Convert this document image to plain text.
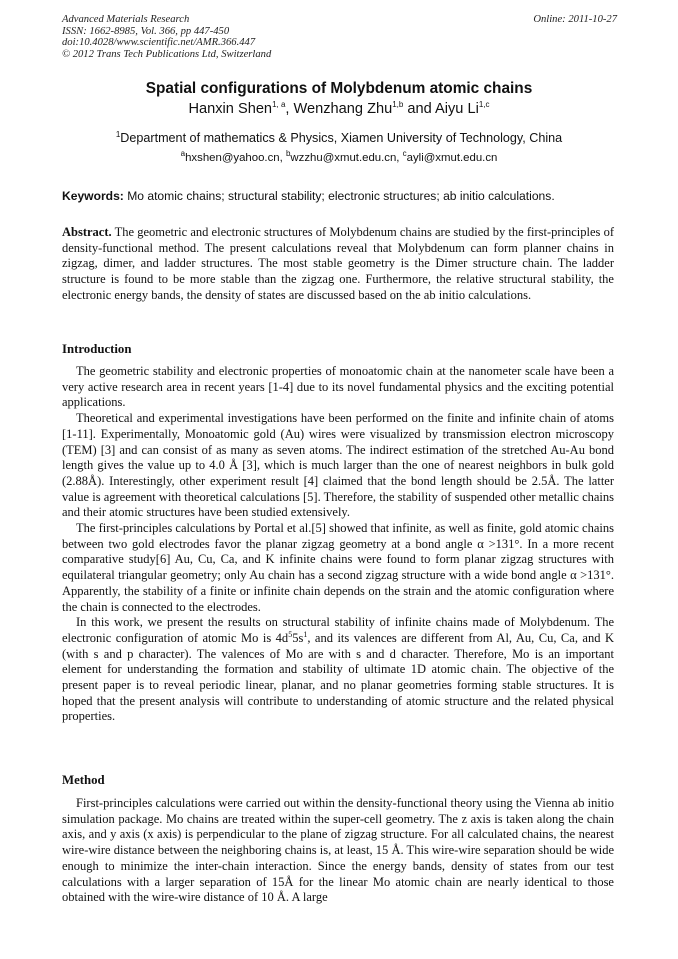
Advanced Materials Research
ISSN: 1662-8985, Vol. 366, pp 447-450
doi:10.4028/www.scientific.net/AMR.366.447
© 2012 Trans Tech Publications Ltd, Switzerland
Online: 2011-10-27
Spatial configurations of Molybdenum atomic chains
Hanxin Shen$^{1, a}$, Wenzhang Zhu$^{1,b}$ and Aiyu Li$^{1,c}$
$^1$Department of mathematics & Physics, Xiamen University of Technology, China
$^a$hxshen@yahoo.cn, $^b$wzzhu@xmut.edu.cn, $^c$ayli@xmut.edu.cn
Keywords: Mo atomic chains; structural stability; electronic structures; ab initio calculations.

Abstract. The geometric and electronic structures of Molybdenum chains are studied by the first-principles of density-functional method. The present calculations reveal that Molybdenum can form planner chains in zigzag, dimer, and ladder structures. The most stable geometry is the Dimer structure chain. The ladder structure is found to be more stable than the zigzag one. Furthermore, the relative structural stability, the electronic energy bands, the density of states are discussed based on the ab initio calculations.

Introduction

The geometric stability and electronic properties of monoatomic chain at the nanometer scale have been a very active research area in recent years [1-4] due to its novel fundamental physics and the exciting potential applications.

Theoretical and experimental investigations have been performed on the finite and infinite chain of atoms [1-11]. Experimentally, Monoatomic gold (Au) wires were visualized by transmission electron microscopy (TEM) [3] and can consist of as many as seven atoms. The indirect estimation of the stretched Au-Au bond length gives the value up to 4.0 Å [3], which is much larger than the one of nearest neighbors in bulk gold (2.88Å). Interestingly, other experiment result [4] claimed that the bond length should be 2.5Å. The latter value is agreement with theoretical calculations [5]. Therefore, the stability of suspended other metallic chains and their atomic structures have been studied extensively.

The first-principles calculations by Portal et al.[5] showed that infinite, as well as finite, gold atomic chains between two gold electrodes favor the planar zigzag geometry at a bond angle α >131°. In a more recent comparative study[6] Au, Cu, Ca, and K infinite chains were found to form planar zigzag structures with equilateral triangular geometry; only Au chain has a second zigzag structure with a wide bond angle α >131°. Apparently, the stability of a finite or infinite chain depends on the strain and the atomic configuration where the chain is connected to the electrodes.

In this work, we present the results on structural stability of infinite chains made of Molybdenum. The electronic configuration of atomic Mo is $4d^55s^1$, and its valences are different from Al, Au, Cu, Ca, and K (with s and p character). The valences of Mo are with s and d character. Therefore, Mo is an important element for understanding the formation and stability of ultimate 1D atomic chain. The objective of the present paper is to reveal periodic linear, planar, and no planar geometries forming stable structures. It is hoped that the present analysis will contribute to understanding of atomic structure and the related physical properties.

Method

First-principles calculations were carried out within the density-functional theory using the Vienna ab initio simulation package. Mo chains are treated within the super-cell geometry. The z axis is taken along the chain axis, and y axis (x axis) is perpendicular to the plane of zigzag structure. For all calculated chains, the nearest wire-wire distance between the neighboring chains is, at least, 15 Å. This wire-wire separation should be wide enough to minimize the inter-chain interaction. Since the energy bands, density of states from our test calculations with a larger separation of 15Å for the linear Mo atomic chain are nearly identical to those obtained with the wire-wire distance of 10 Å. A large
